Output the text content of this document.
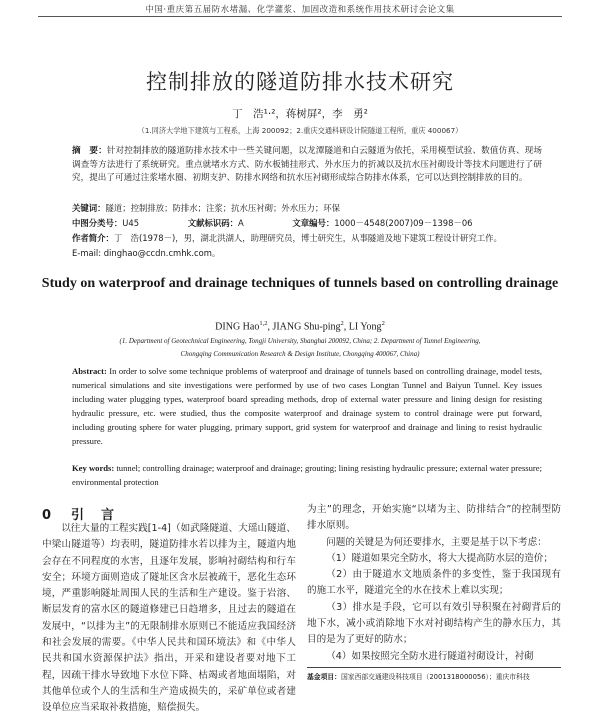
中国·重庆第五届防水堵漏、化学灌浆、加固改造和系统作用技术研讨会论文集
控制排放的隧道防排水技术研究
丁　浩¹·²，蒋树屏²，李　勇²
（1.同济大学地下建筑与工程系，上海 200092；2.重庆交通科研设计院隧道工程所，重庆 400067）
摘　要：针对控制排放的隧道防排水技术中一些关键问题，以龙潭隧道和白云隧道为依托，采用模型试验、数值仿真、现场调查等方法进行了系统研究。重点就堵水方式、防水板铺挂形式、外水压力的折减以及抗水压衬砌设计等技术问题进行了研究，提出了可通过注浆堵水圈、初期支护、防排水网络和抗水压衬砌形成综合防排水体系，它可以达到控制排放的目的。
关键词：隧道；控制排放；防排水；注浆；抗水压衬砌；外水压力；环保
中图分类号：U45	文献标识码：A	文章编号：1000－4548(2007)09－1398－06
作者简介：丁　浩(1978－)，男，湖北洪湖人，助理研究员，博士研究生，从事隧道及地下建筑工程设计研究工作。
E-mail: dinghao@ccdn.cmhk.com。
Study on waterproof and drainage techniques of tunnels based on controlling drainage
DING Hao$^{1,2}$, JIANG Shu-ping$^2$, LI Yong$^2$
(1. Department of Geotechnical Engineering, Tongji University, Shanghai 200092, China; 2. Department of Tunnel Engineering,
Chongqing Communication Research & Design Institute, Chongqing 400067, China)
Abstract: In order to solve some technique problems of waterproof and drainage of tunnels based on controlling drainage, model tests, numerical simulations and site investigations were performed by use of two cases Longtan Tunnel and Baiyun Tunnel. Key issues including water plugging types, waterproof board spreading methods, drop of external water pressure and lining design for resisting hydraulic pressure, etc. were studied, thus the composite waterproof and drainage system to control drainage were put forward, including grouting sphere for water plugging, primary support, grid system for waterproof and drainage and lining to resist hydraulic pressure.
Key words: tunnel; controlling drainage; waterproof and drainage; grouting; lining resisting hydraulic pressure; external water pressure; environmental protection
0 引　言

以往大量的工程实践[1-4]（如武隆隧道、大瑶山隧道、中梁山隧道等）均表明，隧道防排水若以排为主，隧道内地会存在不同程度的水害，且逐年发展，影响衬砌结构和行车安全；环境方面则造成了隧址区含水层被疏干，恶化生态环境，严重影响隧址周围人民的生活和生产建设。鉴于岩溶、断层发育的富水区的隧道修建已日趋增多，且过去的隧道在发展中，“以排为主”的无限制排水原则已不能适应我国经济和社会发展的需要。《中华人民共和国环境法》和《中华人民共和国水资源保护法》指出，开采和建设者要对地下工程，因疏干排水导致地下水位下降、枯竭或者地面塌陷，对其他单位或个人的生活和生产造成损失的，采矿单位或者建设单位应当采取补救措施，赔偿损失。

为主”的理念，开始实施“以堵为主、防排结合”的控制型防排水原则。

问题的关键是为何还要排水，主要是基于以下考虑：

（1）隧道如果完全防水，将大大提高防水层的造价；

（2）由于隧道水文地质条件的多变性，鉴于我国现有的施工水平，隧道完全的水在技术上难以实现；

（3）排水是手段，它可以有效引导积聚在衬砌背后的地下水，减小或消除地下水对衬砌结构产生的静水压力，其目的是为了更好的防水；

（4）如果按照完全防水进行隧道衬砌设计，衬砌

基金项目：国家西部交通建设科技项目（2001318000056）；重庆市科技
